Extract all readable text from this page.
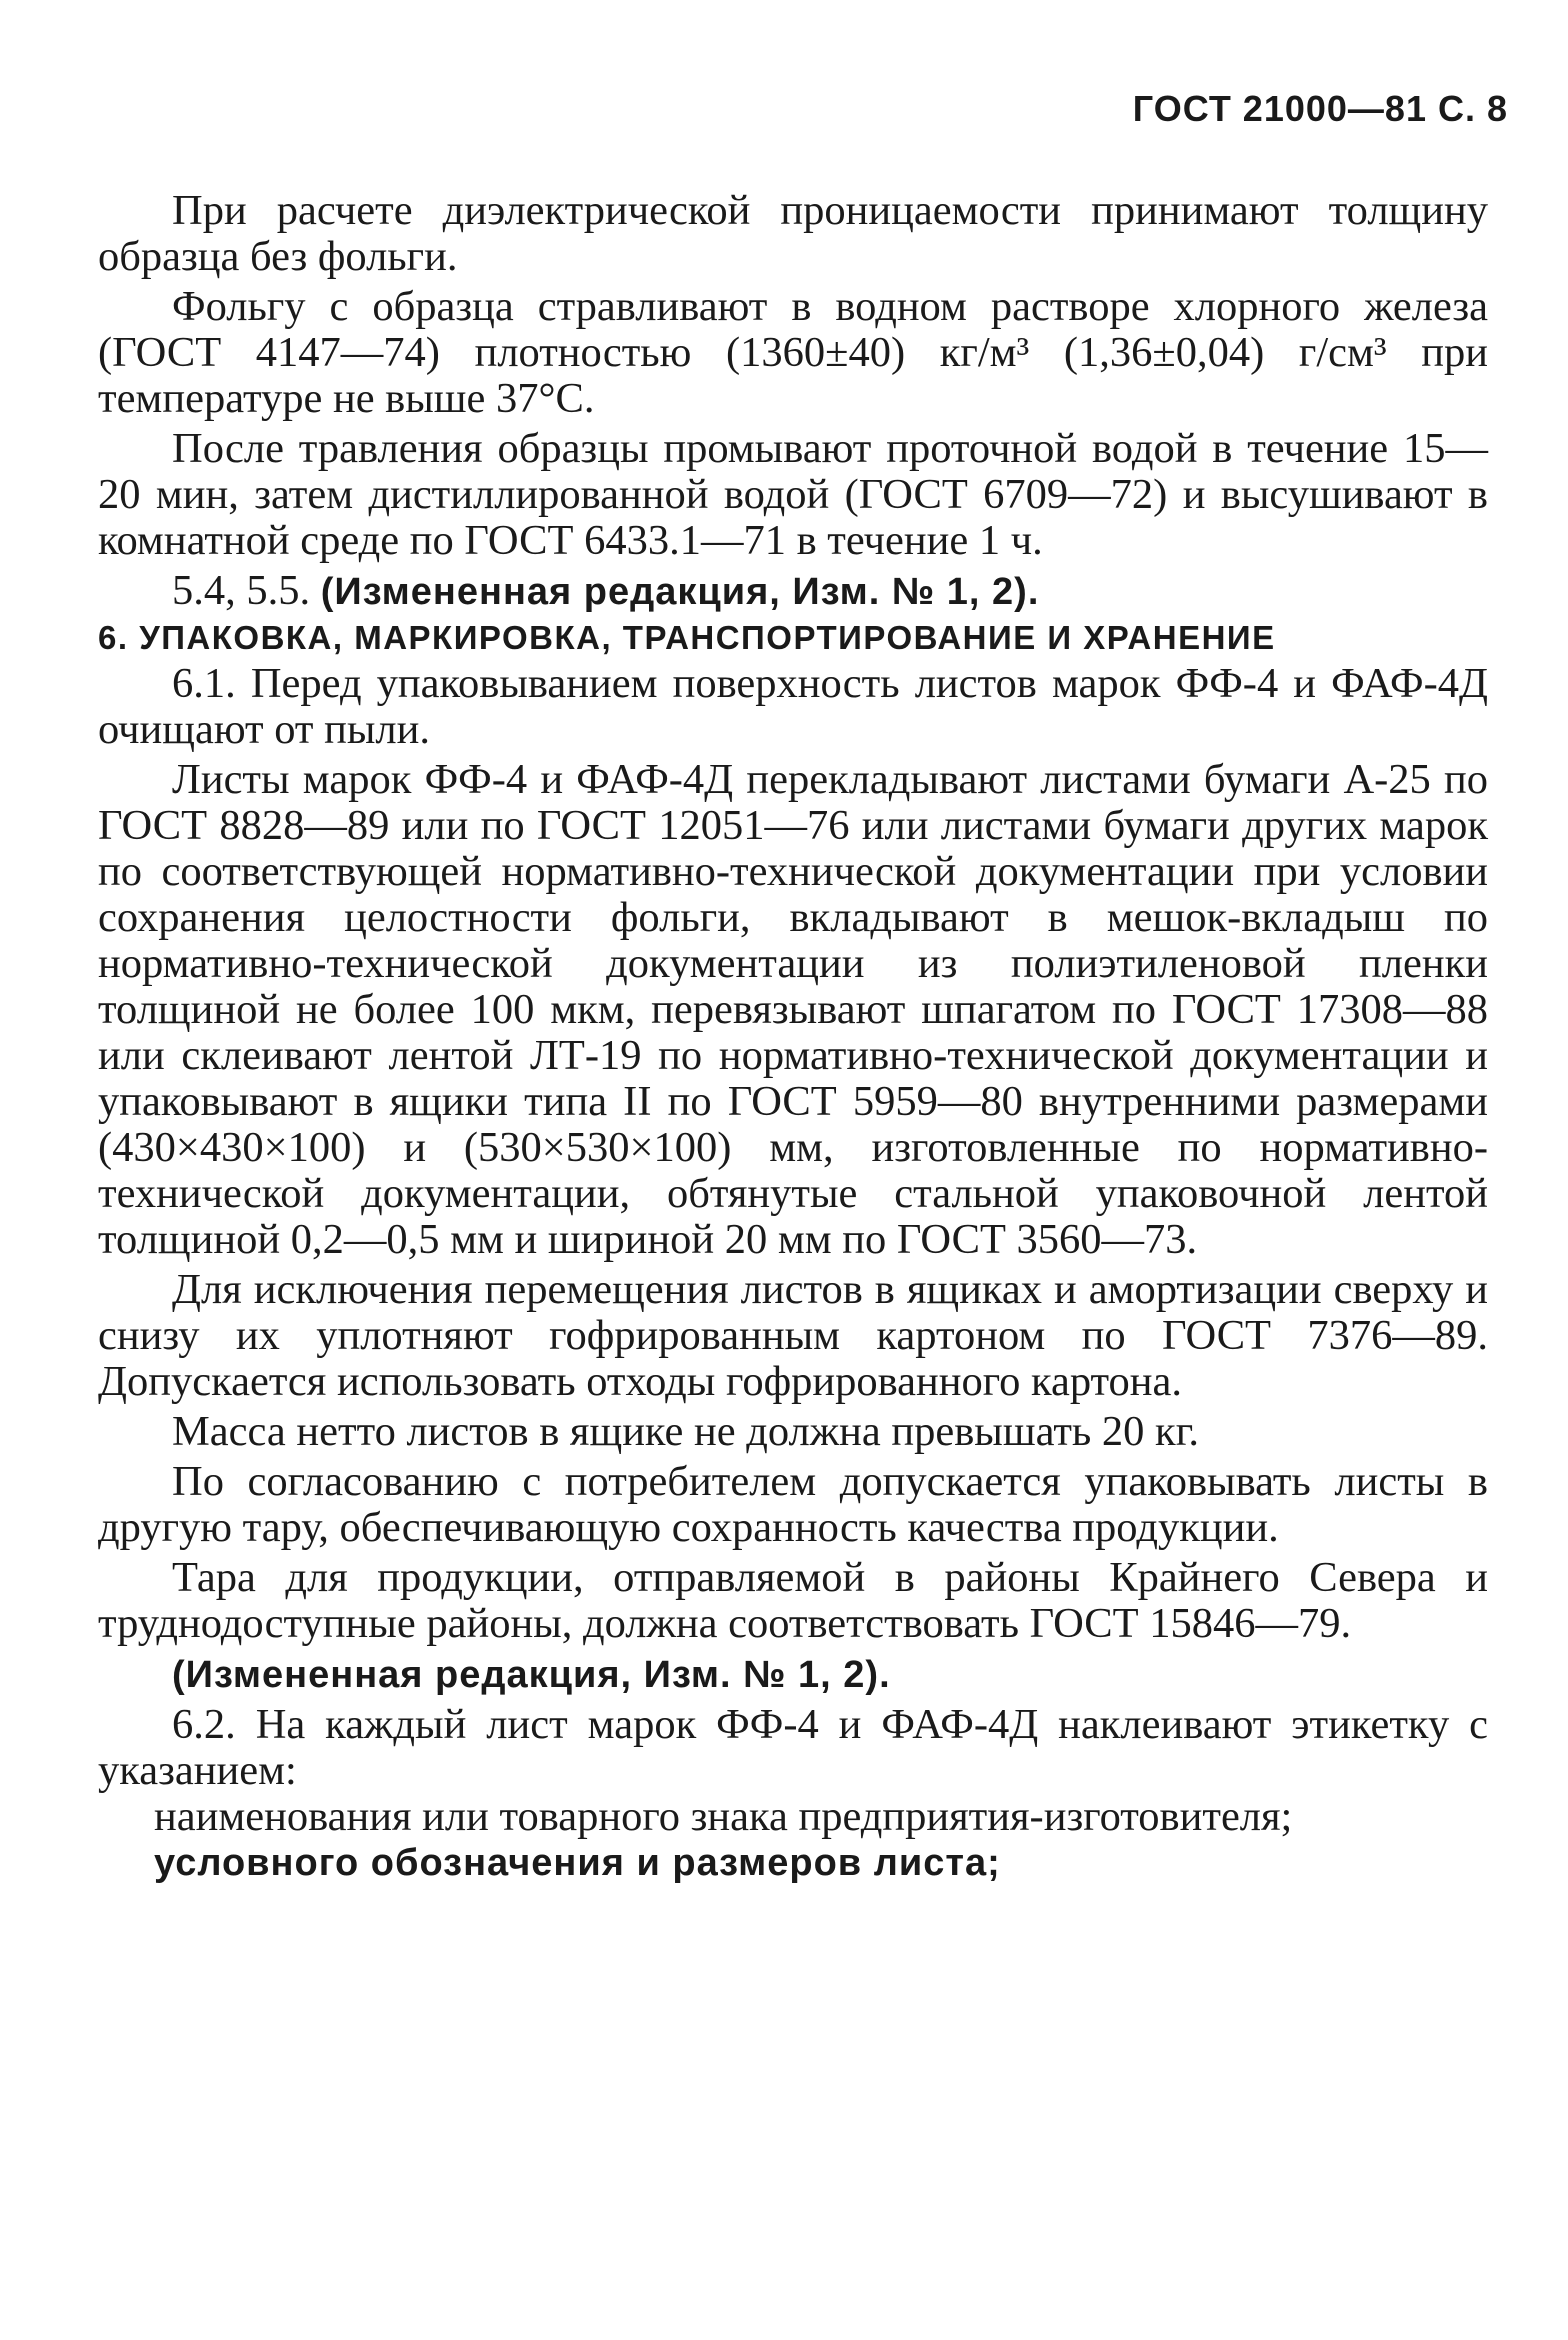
ГОСТ 21000—81 С. 8

При расчете диэлектрической проницаемости принимают толщину образца без фольги.

Фольгу с образца стравливают в водном растворе хлорного железа (ГОСТ 4147—74) плотностью (1360±40) кг/м³ (1,36±0,04) г/см³ при температуре не выше 37°С.

После травления образцы промывают проточной водой в течение 15—20 мин, затем дистиллированной водой (ГОСТ 6709—72) и высушивают в комнатной среде по ГОСТ 6433.1—71 в течение 1 ч.

5.4, 5.5. (Измененная редакция, Изм. № 1, 2).

6. УПАКОВКА, МАРКИРОВКА, ТРАНСПОРТИРОВАНИЕ И ХРАНЕНИЕ

6.1. Перед упаковыванием поверхность листов марок ФФ-4 и ФАФ-4Д очищают от пыли.

Листы марок ФФ-4 и ФАФ-4Д перекладывают листами бумаги А-25 по ГОСТ 8828—89 или по ГОСТ 12051—76 или листами бумаги других марок по соответствующей нормативно-технической документации при условии сохранения целостности фольги, вкладывают в мешок-вкладыш по нормативно-технической документации из полиэтиленовой пленки толщиной не более 100 мкм, перевязывают шпагатом по ГОСТ 17308—88 или склеивают лентой ЛТ-19 по нормативно-технической документации и упаковывают в ящики типа II по ГОСТ 5959—80 внутренними размерами (430×430×100) и (530×530×100) мм, изготовленные по нормативно-технической документации, обтянутые стальной упаковочной лентой толщиной 0,2—0,5 мм и шириной 20 мм по ГОСТ 3560—73.

Для исключения перемещения листов в ящиках и амортизации сверху и снизу их уплотняют гофрированным картоном по ГОСТ 7376—89. Допускается использовать отходы гофрированного картона.

Масса нетто листов в ящике не должна превышать 20 кг.

По согласованию с потребителем допускается упаковывать листы в другую тару, обеспечивающую сохранность качества продукции.

Тара для продукции, отправляемой в районы Крайнего Севера и труднодоступные районы, должна соответствовать ГОСТ 15846—79.

(Измененная редакция, Изм. № 1, 2).

6.2. На каждый лист марок ФФ-4 и ФАФ-4Д наклеивают этикетку с указанием:

наименования или товарного знака предприятия-изготовителя;

условного обозначения и размеров листа;
